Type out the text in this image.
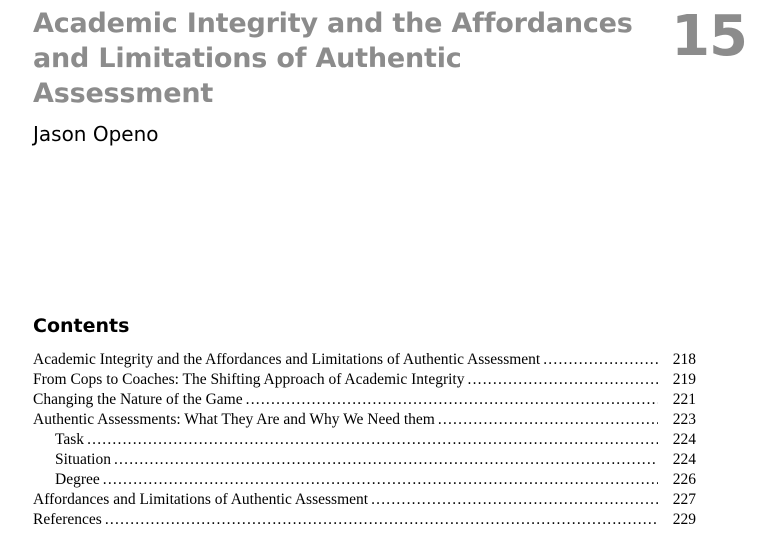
Academic Integrity and the Affordances
and Limitations of Authentic Assessment
15
Jason Openo
Contents
Academic Integrity and the Affordances and Limitations of Authentic Assessment .....	218
From Cops to Coaches: The Shifting Approach of Academic Integrity .....	219
Changing the Nature of the Game .....	221
Authentic Assessments: What They Are and Why We Need them .....	223
Task .....	224
Situation .....	224
Degree .....	226
Affordances and Limitations of Authentic Assessment .....	227
References .....	229
